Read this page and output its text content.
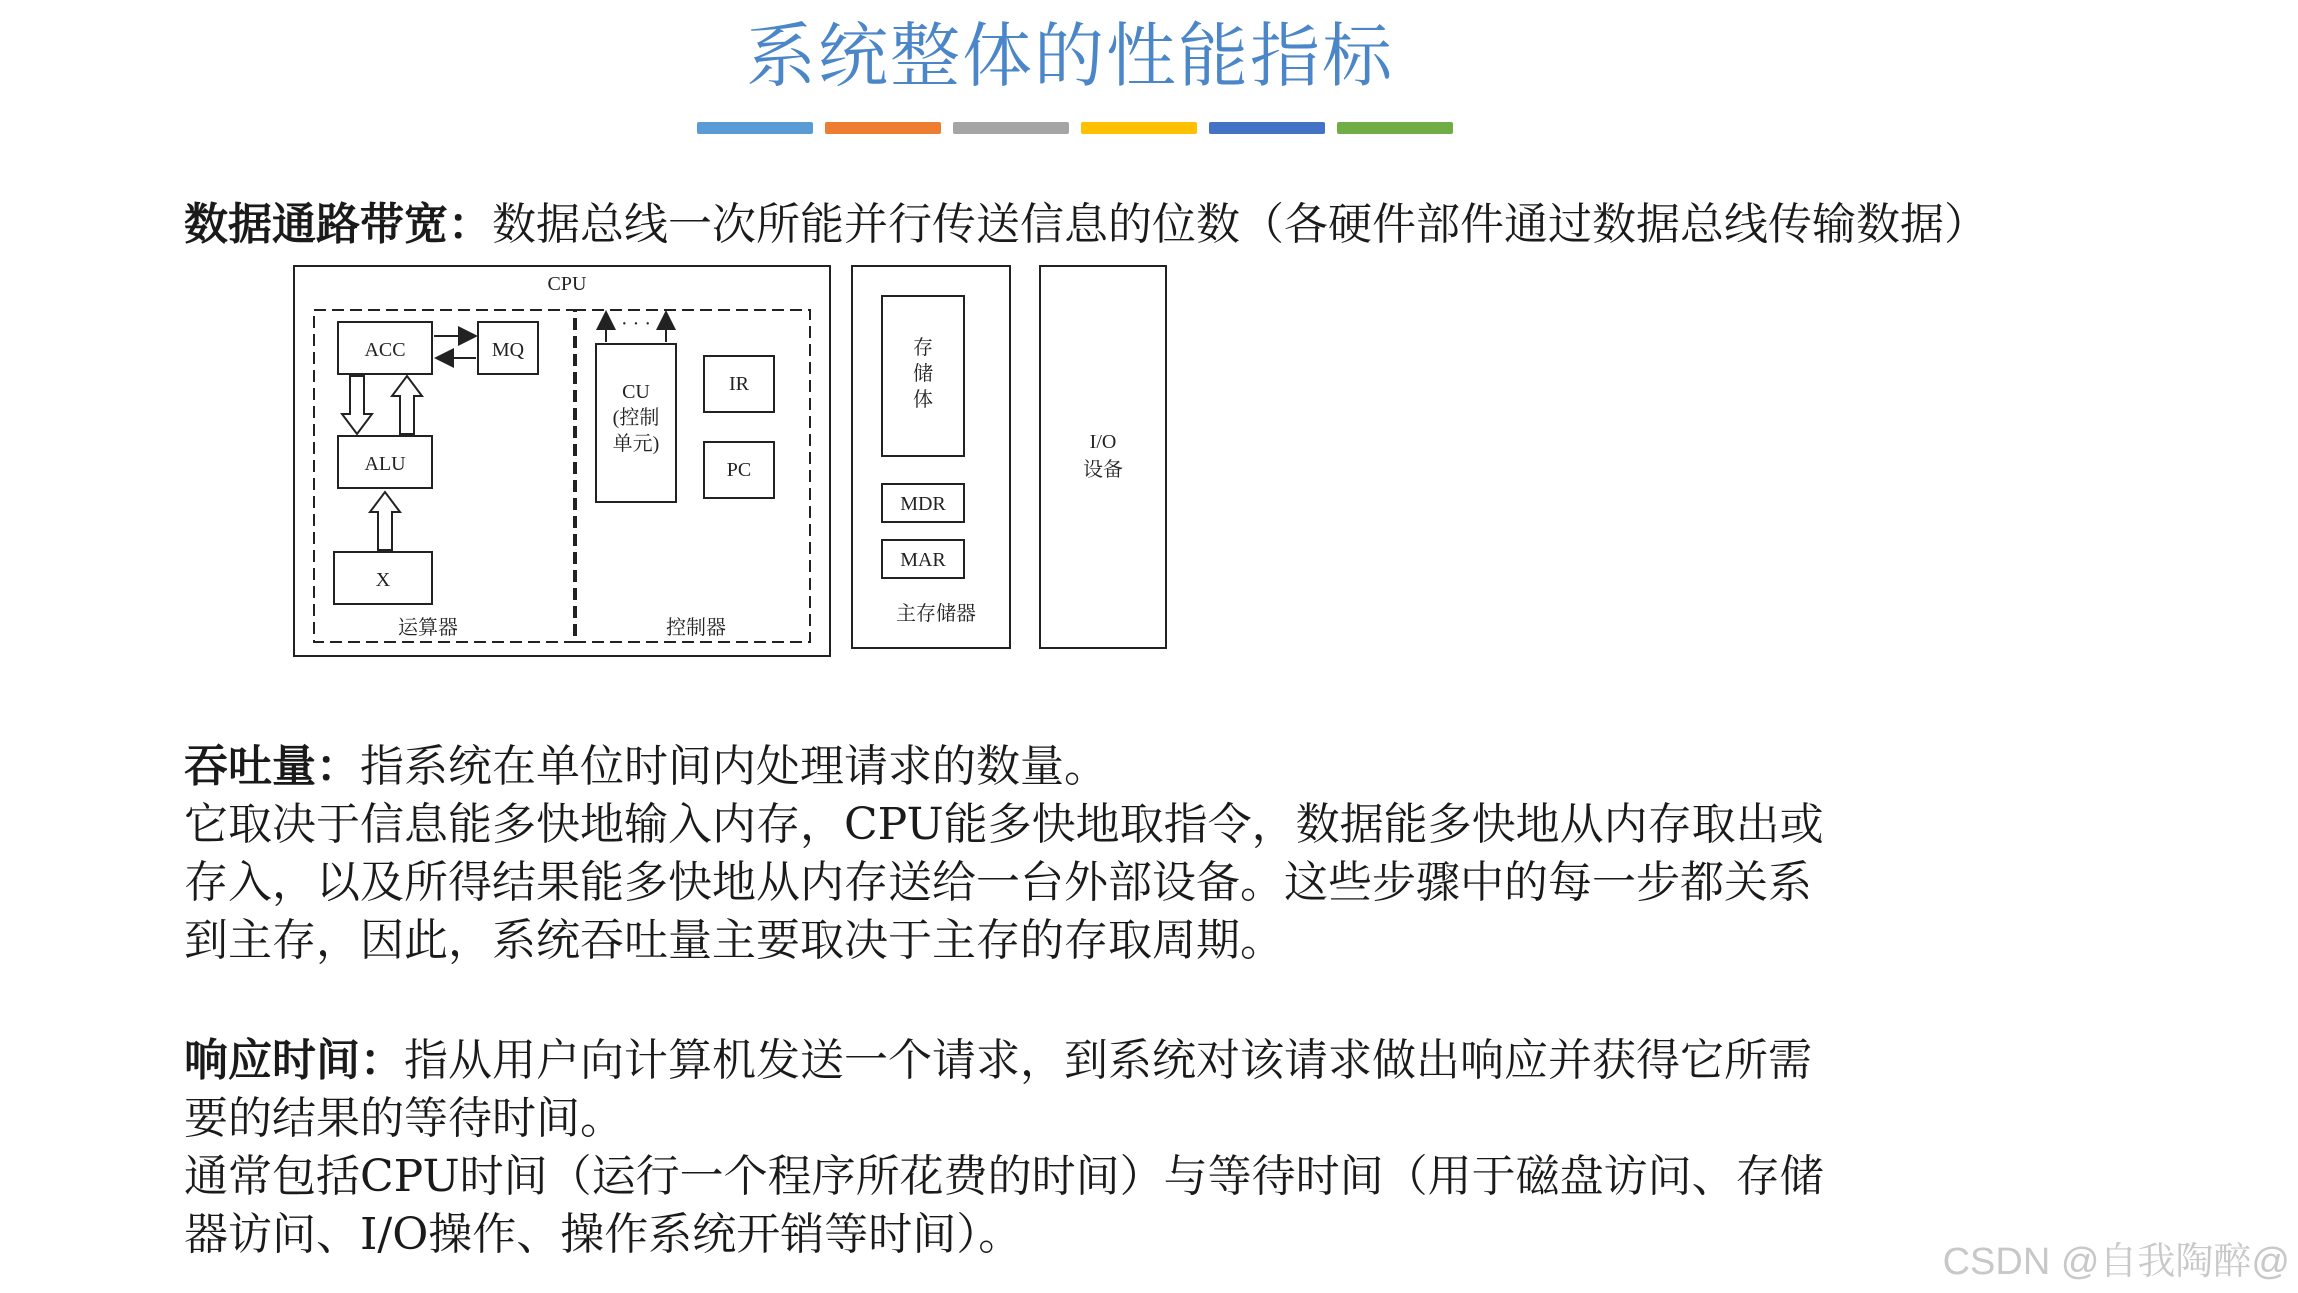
系统整体的性能指标

数据通路带宽：数据总线一次所能并行传送信息的位数（各硬件部件通过数据总线传输数据）

CPU
ACC	MQ
ALU
X
运算器
CU
(控制
单元)
· · ·
IR
PC
控制器
存
储
体
MDR
MAR
主存储器
I/O
设备

吞吐量：指系统在单位时间内处理请求的数量。
它取决于信息能多快地输入内存，CPU能多快地取指令，数据能多快地从内存取出或
存入，以及所得结果能多快地从内存送给一台外部设备。这些步骤中的每一步都关系
到主存，因此，系统吞吐量主要取决于主存的存取周期。

响应时间：指从用户向计算机发送一个请求，到系统对该请求做出响应并获得它所需
要的结果的等待时间。
通常包括CPU时间（运行一个程序所花费的时间）与等待时间（用于磁盘访问、存储
器访问、I/O操作、操作系统开销等时间）。

CSDN @自我陶醉@
